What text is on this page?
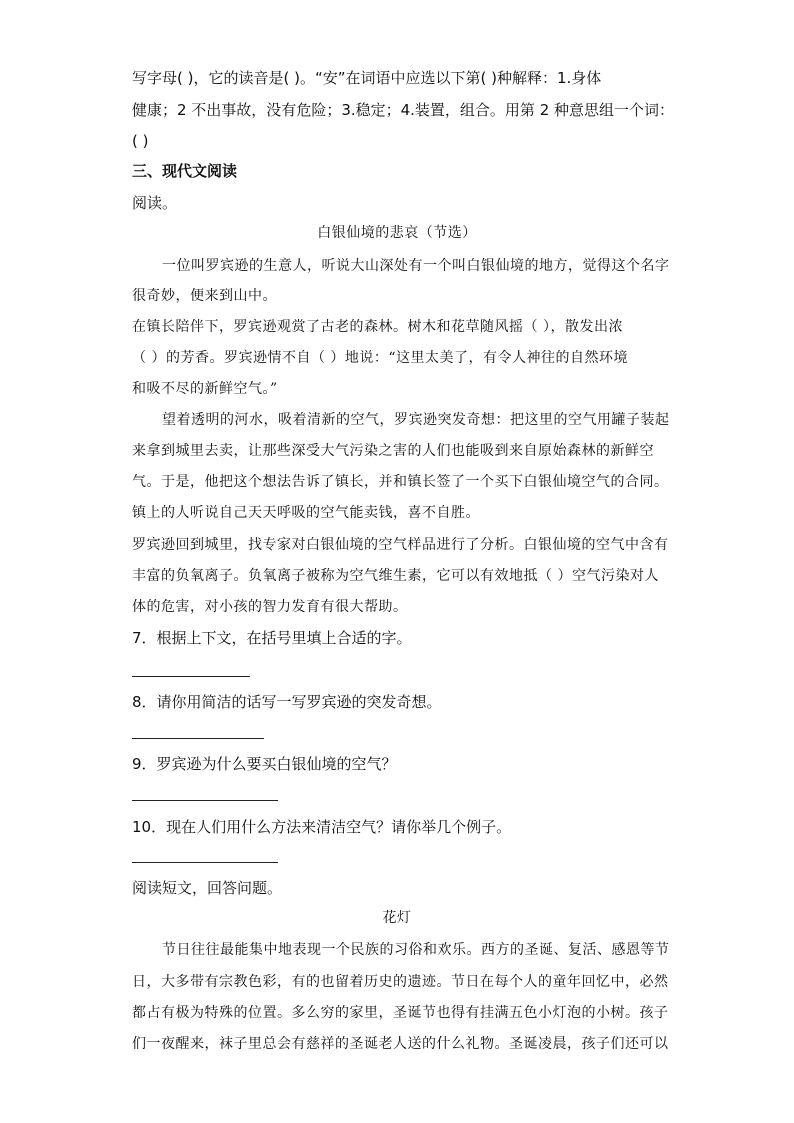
写字母( )，它的读音是( )。“安”在词语中应选以下第( )种解释：1.身体
健康；2 不出事故，没有危险；3.稳定；4.装置，组合。用第 2 种意思组一个词：
( )
三、现代文阅读
阅读。
白银仙境的悲哀（节选）
一位叫罗宾逊的生意人，听说大山深处有一个叫白银仙境的地方，觉得这个名字
很奇妙，便来到山中。
在镇长陪伴下，罗宾逊观赏了古老的森林。树木和花草随风摇（ ），散发出浓
（ ）的芳香。罗宾逊情不自（ ）地说：“这里太美了，有令人神往的自然环境
和吸不尽的新鲜空气。”
望着透明的河水，吸着清新的空气，罗宾逊突发奇想：把这里的空气用罐子装起
来拿到城里去卖，让那些深受大气污染之害的人们也能吸到来自原始森林的新鲜空
气。于是，他把这个想法告诉了镇长，并和镇长签了一个买下白银仙境空气的合同。
镇上的人听说自己天天呼吸的空气能卖钱，喜不自胜。
罗宾逊回到城里，找专家对白银仙境的空气样品进行了分析。白银仙境的空气中含有
丰富的负氧离子。负氧离子被称为空气维生素，它可以有效地抵（ ）空气污染对人
体的危害，对小孩的智力发育有很大帮助。
7．根据上下文，在括号里填上合适的字。
8．请你用简洁的话写一写罗宾逊的突发奇想。
9．罗宾逊为什么要买白银仙境的空气？
10．现在人们用什么方法来清洁空气？请你举几个例子。
阅读短文，回答问题。
花灯
节日往往最能集中地表现一个民族的习俗和欢乐。西方的圣诞、复活、感恩等节
日，大多带有宗教色彩，有的也留着历史的遗迹。节日在每个人的童年回忆中，必然
都占有极为特殊的位置。多么穷的家里，圣诞节也得有挂满五色小灯泡的小树。孩子
们一夜醒来，袜子里总会有慈祥的圣诞老人送的什么礼物。圣诞凌晨，孩子们还可以
